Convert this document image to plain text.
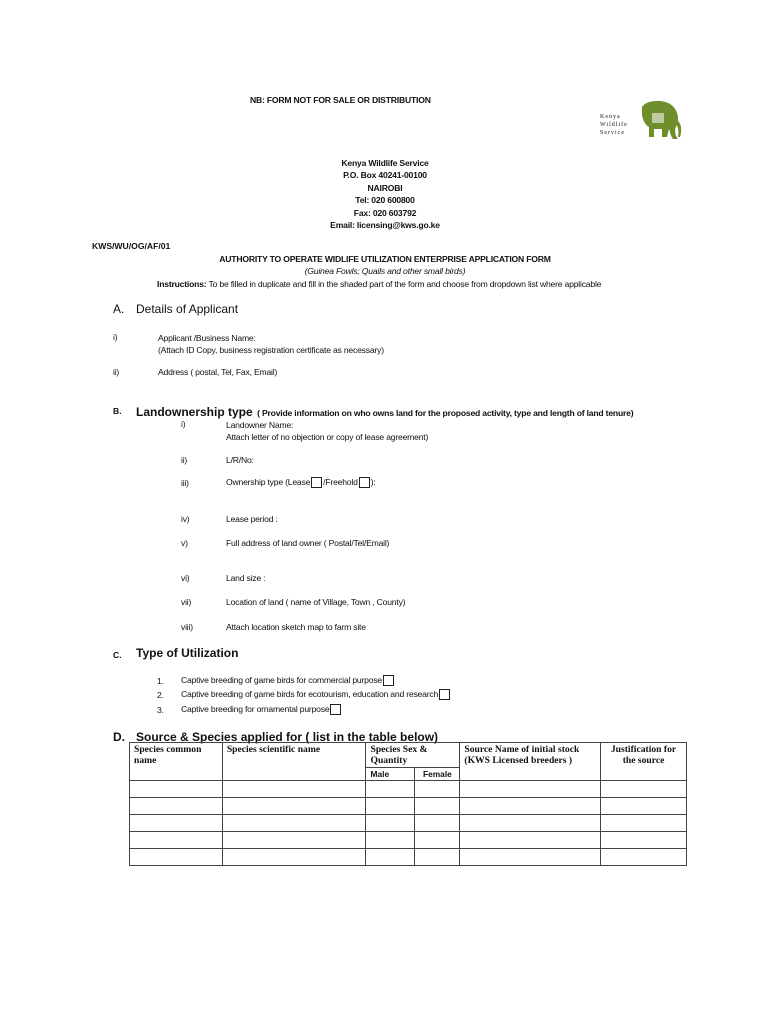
NB: FORM NOT FOR SALE OR DISTRIBUTION
Kenya
Wildlife
Service
Kenya Wildlife Service
P.O. Box 40241-00100
NAIROBI
Tel: 020 600800
Fax: 020 603792
Email: licensing@kws.go.ke
KWS/WU/OG/AF/01
AUTHORITY TO OPERATE WIDLIFE UTILIZATION ENTERPRISE APPLICATION FORM
(Guinea Fowls; Quails and other small birds)
Instructions: To be filled in duplicate and fill in the shaded part of the form and choose from dropdown list where applicable
A. Details of Applicant
i)	Applicant /Business Name:
(Attach ID Copy, business registration certificate as necessary)
ii)	Address ( postal, Tel, Fax, Email)
B. Landownership type ( Provide information on who owns land for the proposed activity, type and length of land tenure)
i)	Landowner Name:
Attach letter of no objection or copy of lease agreement)
ii)	L/R/No:
iii)	Ownership type (Lease /Freehold ):
iv)	Lease period :
v)	Full address of land owner ( Postal/Tel/Email)
vi)	Land size :
vii)	Location of land ( name of Village, Town , County)
viii)	Attach location sketch map to farm site
C. Type of Utilization
1. Captive breeding of game birds for commercial purpose
2. Captive breeding of game birds for ecotourism, education and research
3. Captive breeding for ornamental purpose
D. Source & Species applied for ( list in the table below)
Species common name	Species scientific name	Species Sex & Quantity		Source Name of initial stock (KWS Licensed breeders )	Justification for the source
		Male	Female		
